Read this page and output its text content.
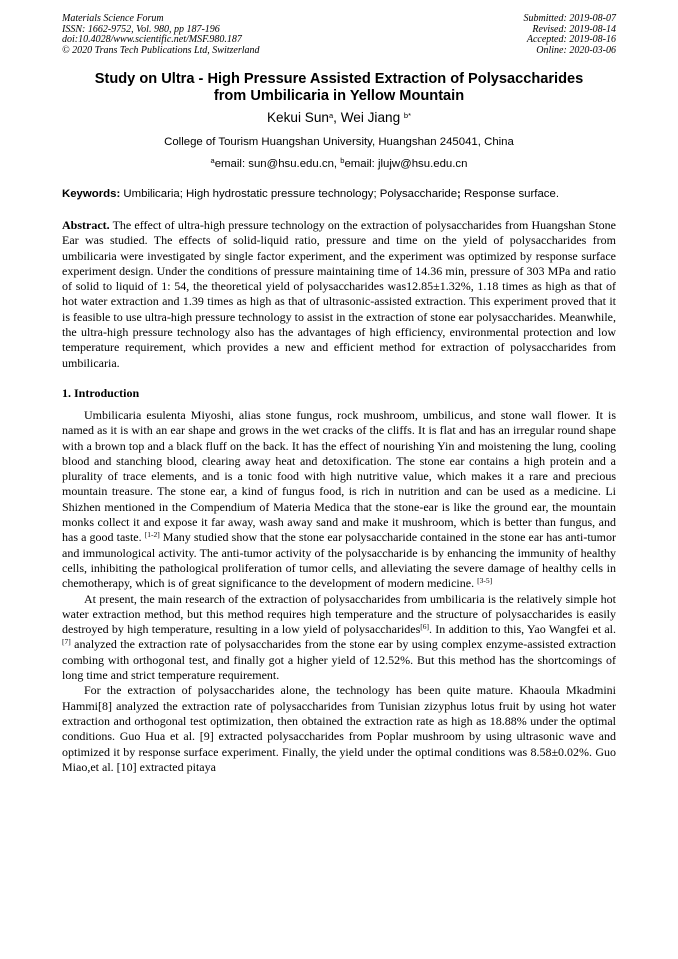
Materials Science Forum
ISSN: 1662-9752, Vol. 980, pp 187-196
doi:10.4028/www.scientific.net/MSF.980.187
© 2020 Trans Tech Publications Ltd, Switzerland
Submitted: 2019-08-07
Revised: 2019-08-14
Accepted: 2019-08-16
Online: 2020-03-06
Study on Ultra - High Pressure Assisted Extraction of Polysaccharides
from Umbilicaria in Yellow Mountain
Kekui Sun$^a$, Wei Jiang $^{b*}$
College of Tourism Huangshan University, Huangshan 245041, China
$^a$email: sun@hsu.edu.cn, $^b$email: jlujw@hsu.edu.cn
Keywords: Umbilicaria; High hydrostatic pressure technology; Polysaccharide; Response surface.
Abstract. The effect of ultra-high pressure technology on the extraction of polysaccharides from Huangshan Stone Ear was studied. The effects of solid-liquid ratio, pressure and time on the yield of polysaccharides from umbilicaria were investigated by single factor experiment, and the experiment was optimized by response surface experiment design. Under the conditions of pressure maintaining time of 14.36 min, pressure of 303 MPa and ratio of solid to liquid of 1: 54, the theoretical yield of polysaccharides was12.85±1.32%, 1.18 times as high as that of hot water extraction and 1.39 times as high as that of ultrasonic-assisted extraction. This experiment proved that it is feasible to use ultra-high pressure technology to assist in the extraction of stone ear polysaccharides. Meanwhile, the ultra-high pressure technology also has the advantages of high efficiency, environmental protection and low temperature requirement, which provides a new and efficient method for extraction of polysaccharides from umbilicaria.
1. Introduction

Umbilicaria esulenta Miyoshi, alias stone fungus, rock mushroom, umbilicus, and stone wall flower. It is named as it is with an ear shape and grows in the wet cracks of the cliffs. It is flat and has an irregular round shape with a brown top and a black fluff on the back. It has the effect of nourishing Yin and moistening the lung, cooling blood and stanching blood, clearing away heat and detoxification. The stone ear contains a high protein and a plurality of trace elements, and is a tonic food with high nutritive value, which makes it a rare and precious mountain treasure. The stone ear, a kind of fungus food, is rich in nutrition and can be used as a medicine. Li Shizhen mentioned in the Compendium of Materia Medica that the stone-ear is like the ground ear, the mountain monks collect it and expose it far away, wash away sand and make it mushroom, which is better than fungus, and has a good taste. [1-2] Many studied show that the stone ear polysaccharide contained in the stone ear has anti-tumor and immunological activity. The anti-tumor activity of the polysaccharide is by enhancing the immunity of healthy cells, inhibiting the pathological proliferation of tumor cells, and alleviating the severe damage of healthy cells in chemotherapy, which is of great significance to the development of modern medicine. [3-5]

At present, the main research of the extraction of polysaccharides from umbilicaria is the relatively simple hot water extraction method, but this method requires high temperature and the structure of polysaccharides is easily destroyed by high temperature, resulting in a low yield of polysaccharides[6]. In addition to this, Yao Wangfei et al. [7] analyzed the extraction rate of polysaccharides from the stone ear by using complex enzyme-assisted extraction combing with orthogonal test, and finally got a higher yield of 12.52%. But this method has the shortcomings of long time and strict temperature requirement.

For the extraction of polysaccharides alone, the technology has been quite mature. Khaoula Mkadmini Hammi[8] analyzed the extraction rate of polysaccharides from Tunisian zizyphus lotus fruit by using hot water extraction and orthogonal test optimization, then obtained the extraction rate as high as 18.88% under the optimal conditions. Guo Hua et al. [9] extracted polysaccharides from Poplar mushroom by using ultrasonic wave and optimized it by response surface experiment. Finally, the yield under the optimal conditions was 8.58±0.02%. Guo Miao,et al. [10] extracted pitaya
